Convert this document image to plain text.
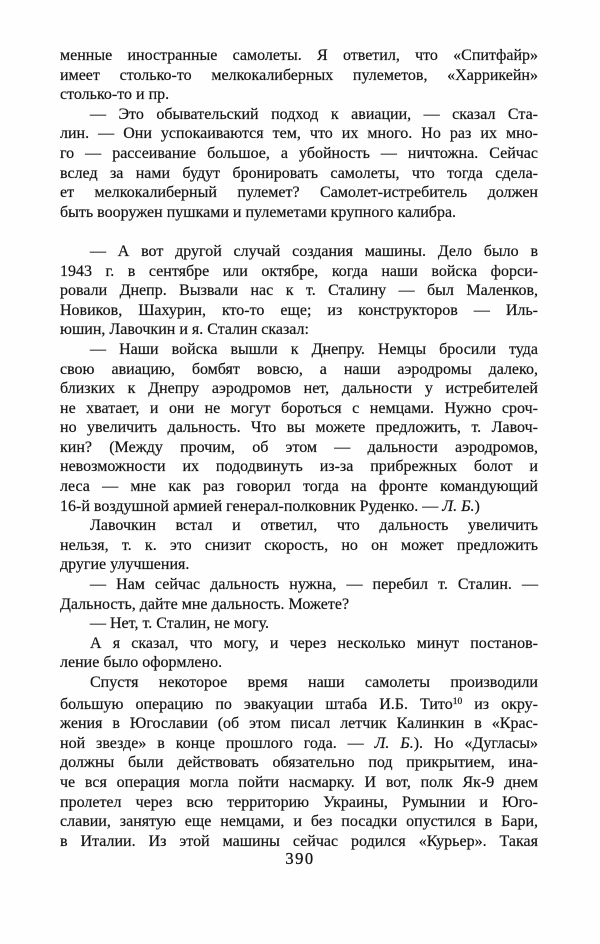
менные иностранные самолеты. Я ответил, что «Спитфайр»
имеет столько-то мелкокалиберных пулеметов, «Харрикейн»
столько-то и пр.
— Это обывательский подход к авиации, — сказал Ста-
лин. — Они успокаиваются тем, что их много. Но раз их мно-
го — рассеивание большое, а убойность — ничтожна. Сейчас
вслед за нами будут бронировать самолеты, что тогда сдела-
ет мелкокалиберный пулемет? Самолет-истребитель должен
быть вооружен пушками и пулеметами крупного калибра.
— А вот другой случай создания машины. Дело было в
1943 г. в сентябре или октябре, когда наши войска форси-
ровали Днепр. Вызвали нас к т. Сталину — был Маленков,
Новиков, Шахурин, кто-то еще; из конструкторов — Иль-
юшин, Лавочкин и я. Сталин сказал:
— Наши войска вышли к Днепру. Немцы бросили туда
свою авиацию, бомбят вовсю, а наши аэродромы далеко,
близких к Днепру аэродромов нет, дальности у истребителей
не хватает, и они не могут бороться с немцами. Нужно сроч-
но увеличить дальность. Что вы можете предложить, т. Лавоч-
кин? (Между прочим, об этом — дальности аэродромов,
невозможности их пододвинуть из-за прибрежных болот и
леса — мне как раз говорил тогда на фронте командующий
16-й воздушной армией генерал-полковник Руденко. — Л. Б.)
Лавочкин встал и ответил, что дальность увеличить
нельзя, т. к. это снизит скорость, но он может предложить
другие улучшения.
— Нам сейчас дальность нужна, — перебил т. Сталин. —
Дальность, дайте мне дальность. Можете?
— Нет, т. Сталин, не могу.
А я сказал, что могу, и через несколько минут постанов-
ление было оформлено.
Спустя некоторое время наши самолеты производили
большую операцию по эвакуации штаба И.Б. Тито$^{10}$ из окру-
жения в Югославии (об этом писал летчик Калинкин в «Крас-
ной звезде» в конце прошлого года. — Л. Б.). Но «Дугласы»
должны были действовать обязательно под прикрытием, ина-
че вся операция могла пойти насмарку. И вот, полк Як-9 днем
пролетел через всю территорию Украины, Румынии и Юго-
славии, занятую еще немцами, и без посадки опустился в Бари,
в Италии. Из этой машины сейчас родился «Курьер». Такая
390
